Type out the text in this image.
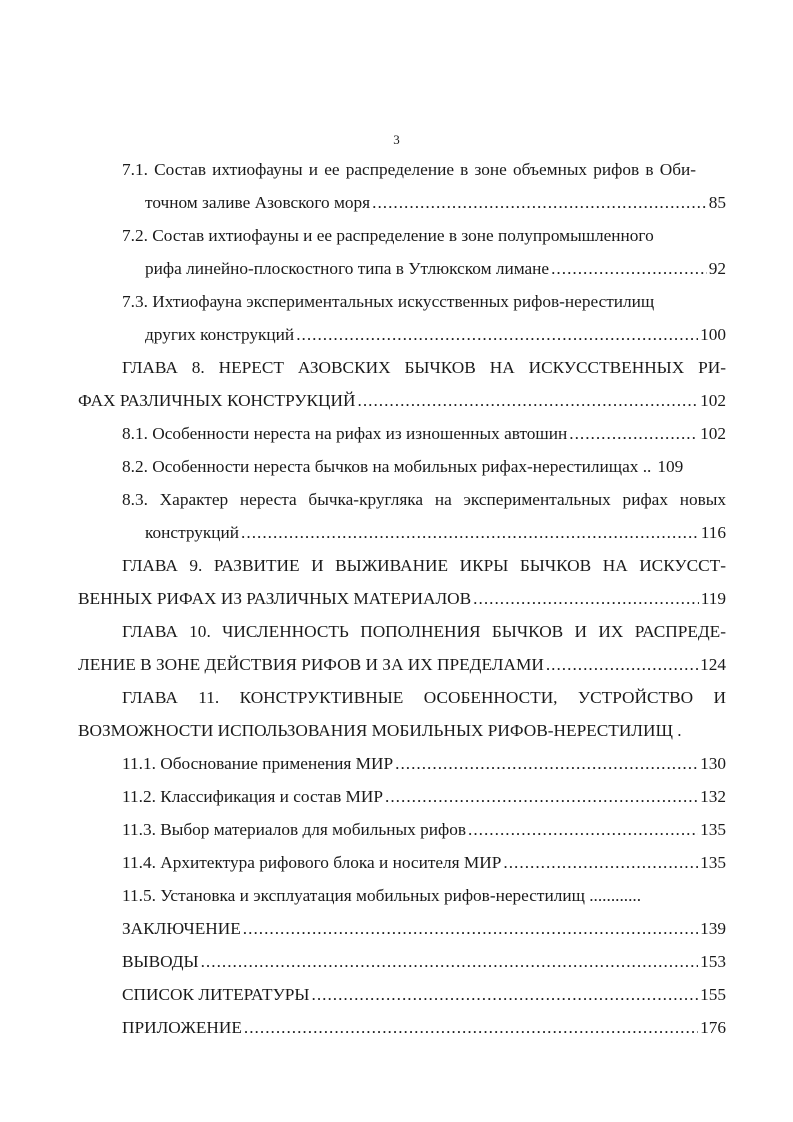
3
7.1. Состав ихтиофауны и ее распределение в зоне объемных рифов в Оби-
точном заливе Азовского моря .....	85
7.2. Состав ихтиофауны и ее распределение в зоне полупромышленного
рифа линейно-плоскостного типа в Утлюкском лимане .....	92
7.3. Ихтиофауна экспериментальных искусственных рифов-нерестилищ
других конструкций .....	100
ГЛАВА 8. НЕРЕСТ АЗОВСКИХ БЫЧКОВ НА ИСКУССТВЕННЫХ РИ-
ФАХ РАЗЛИЧНЫХ КОНСТРУКЦИЙ .....	102
8.1. Особенности нереста на рифах из изношенных автошин .....	102
8.2. Особенности нереста бычков на мобильных рифах-нерестилищах .. 109
8.3. Характер нереста бычка-кругляка на экспериментальных рифах новых
конструкций .....	116
ГЛАВА 9. РАЗВИТИЕ И ВЫЖИВАНИЕ ИКРЫ БЫЧКОВ НА ИСКУССТ-
ВЕННЫХ РИФАХ ИЗ РАЗЛИЧНЫХ МАТЕРИАЛОВ .....	119
ГЛАВА 10. ЧИСЛЕННОСТЬ ПОПОЛНЕНИЯ БЫЧКОВ И ИХ РАСПРЕДЕ-
ЛЕНИЕ В ЗОНЕ ДЕЙСТВИЯ РИФОВ И ЗА ИХ ПРЕДЕЛАМИ .....	124
ГЛАВА 11. КОНСТРУКТИВНЫЕ ОСОБЕННОСТИ, УСТРОЙСТВО И
ВОЗМОЖНОСТИ ИСПОЛЬЗОВАНИЯ МОБИЛЬНЫХ РИФОВ-НЕРЕСТИЛИЩ .
11.1. Обоснование применения МИР .....	130
11.2. Классификация и состав МИР .....	132
11.3. Выбор материалов для мобильных рифов .....	135
11.4. Архитектура рифового блока и носителя МИР .....	135
11.5. Установка и эксплуатация мобильных рифов-нерестилищ ............
ЗАКЛЮЧЕНИЕ .....	139
ВЫВОДЫ .....	153
СПИСОК ЛИТЕРАТУРЫ .....	155
ПРИЛОЖЕНИЕ .....	176
